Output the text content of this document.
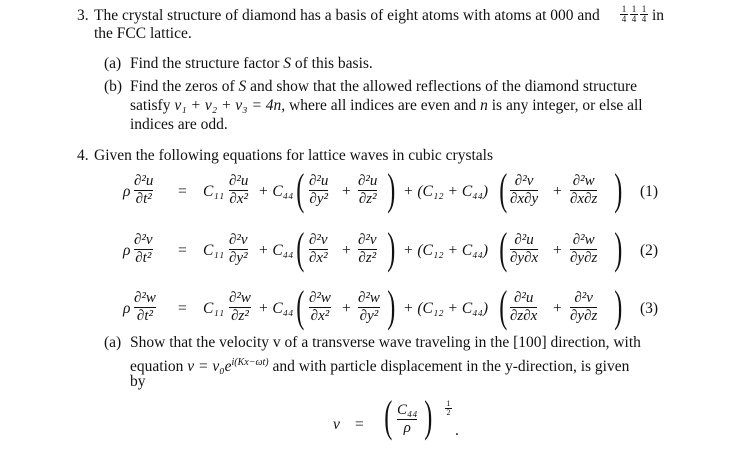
3. The crystal structure of diamond has a basis of eight atoms with atoms at 000 and 1
4
1
4
1
4 in
the FCC lattice.
(a) Find the structure factor S of this basis.
(b) Find the zeros of S and show that the allowed reflections of the diamond structure
satisfy v₁ + v₂ + v₃ = 4n, where all indices are even and n is any integer, or else all
indices are odd.
4. Given the following equations for lattice waves in cubic crystals
ρ
∂²u
∂t² = C₁₁
∂²u
∂x² + C₄₄ ( ∂²u
∂y² +
∂²u
∂z² ) + (C₁₂ + C₄₄) ( ∂²v
∂x∂y +
∂²w
∂x∂z ) (1)
ρ
∂²v
∂t² = C₁₁
∂²v
∂y² + C₄₄ ( ∂²v
∂x² +
∂²v
∂z² ) + (C₁₂ + C₄₄) ( ∂²u
∂y∂x +
∂²w
∂y∂z ) (2)
ρ
∂²w
∂t² = C₁₁
∂²w
∂z² + C₄₄ ( ∂²w
∂x² +
∂²w
∂y² ) + (C₁₂ + C₄₄) ( ∂²u
∂z∂x +
∂²v
∂y∂z ) (3)
(a) Show that the velocity v of a transverse wave traveling in the [100] direction, with
equation $v = v_0e^{i(Kx-\omega t)}$ and with particle displacement in the y-direction, is given
by
v = ( C₄₄
ρ ) 1
2
.
